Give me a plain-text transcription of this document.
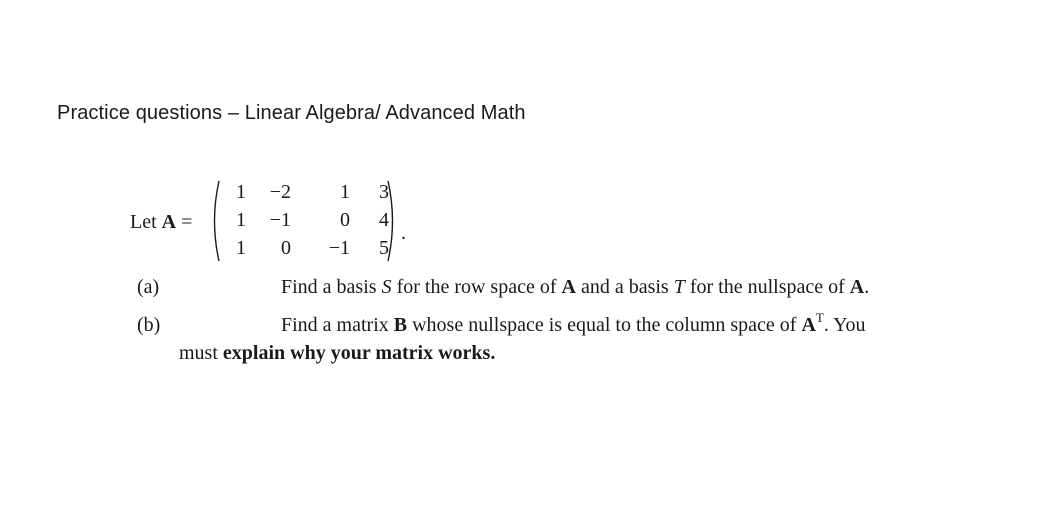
Practice questions – Linear Algebra/ Advanced Math
Let A =
1	−2	1	3
1	−1	0	4
1	0	−1	5
.
(a)	Find a basis S for the row space of A and a basis T for the nullspace of A.
(b)	Find a matrix B whose nullspace is equal to the column space of $A^T$. You
must explain why your matrix works.
